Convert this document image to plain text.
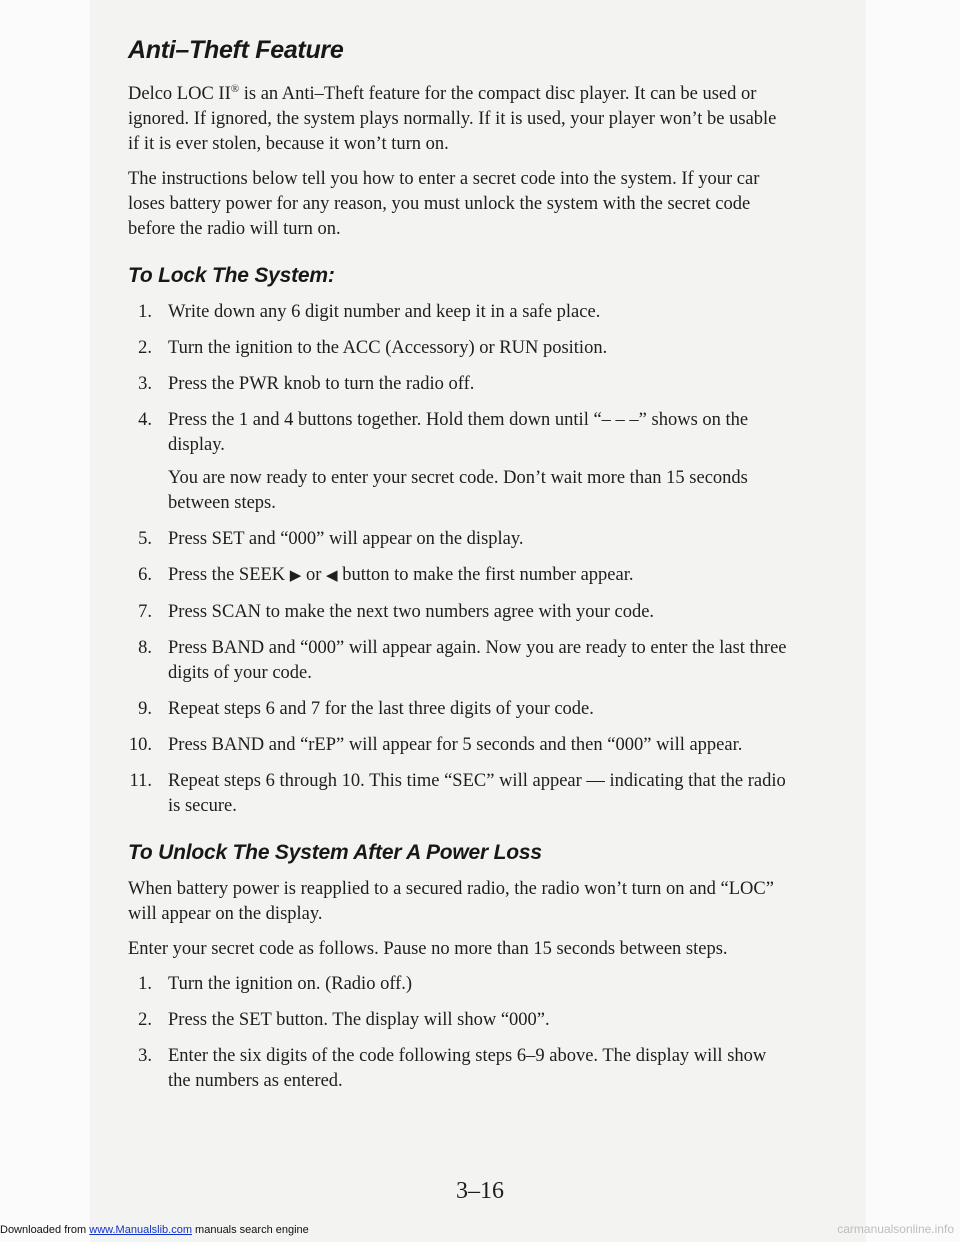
Anti–Theft Feature

Delco LOC II® is an Anti–Theft feature for the compact disc player. It can be used or ignored. If ignored, the system plays normally. If it is used, your player won’t be usable if it is ever stolen, because it won’t turn on.

The instructions below tell you how to enter a secret code into the system. If your car loses battery power for any reason, you must unlock the system with the secret code before the radio will turn on.

To Lock The System:
1. Write down any 6 digit number and keep it in a safe place.
2. Turn the ignition to the ACC (Accessory) or RUN position.
3. Press the PWR knob to turn the radio off.
4. Press the 1 and 4 buttons together. Hold them down until “– – –” shows on the display.

You are now ready to enter your secret code. Don’t wait more than 15 seconds between steps.

5. Press SET and “000” will appear on the display.
6. Press the SEEK ▶ or ◀ button to make the first number appear.
7. Press SCAN to make the next two numbers agree with your code.
8. Press BAND and “000” will appear again. Now you are ready to enter the last three digits of your code.
9. Repeat steps 6 and 7 for the last three digits of your code.
10. Press BAND and “rEP” will appear for 5 seconds and then “000” will appear.
11. Repeat steps 6 through 10. This time “SEC” will appear — indicating that the radio is secure.
To Unlock The System After A Power Loss

When battery power is reapplied to a secured radio, the radio won’t turn on and “LOC” will appear on the display.

Enter your secret code as follows. Pause no more than 15 seconds between steps.

1. Turn the ignition on. (Radio off.)
2. Press the SET button. The display will show “000”.
3. Enter the six digits of the code following steps 6–9 above. The display will show the numbers as entered.
3–16
Downloaded from www.Manualslib.com manuals search engine	carmanualsonline.info
